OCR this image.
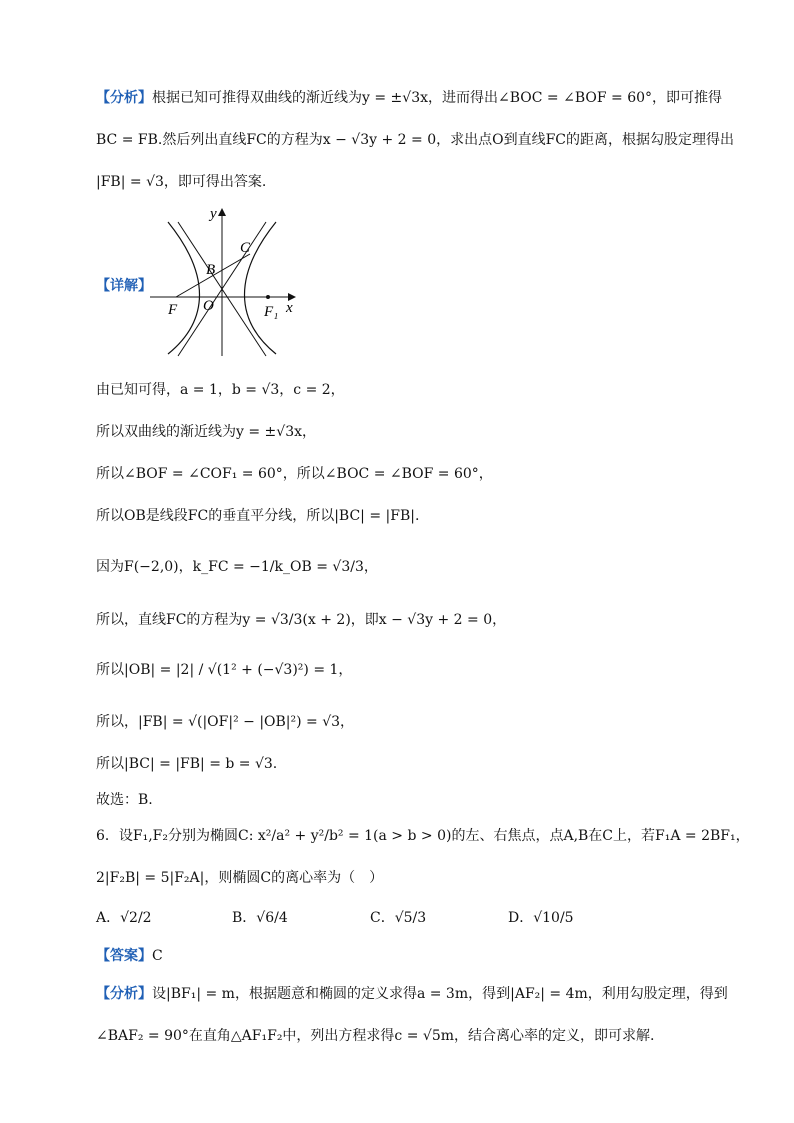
【分析】根据已知可推得双曲线的渐近线为y = ±√3x，进而得出∠BOC = ∠BOF = 60°，即可推得
BC = FB.然后列出直线FC的方程为x − √3y + 2 = 0，求出点O到直线FC的距离，根据勾股定理得出
|FB| = √3，即可得出答案.
【详解】
y
x
C
B
F O	F₁
由已知可得，a = 1，b = √3，c = 2，
所以双曲线的渐近线为y = ±√3x，
所以∠BOF = ∠COF₁ = 60°，所以∠BOC = ∠BOF = 60°，
所以OB是线段FC的垂直平分线，所以|BC| = |FB|.
因为F(−2,0)，k_FC = −1/k_OB = √3/3，
所以，直线FC的方程为y = √3/3(x + 2)，即x − √3y + 2 = 0，
所以|OB| = |2| / √(1² + (−√3)²) = 1，
所以，|FB| = √(|OF|² − |OB|²) = √3，
所以|BC| = |FB| = b = √3.
故选：B.
6．设F₁,F₂分别为椭圆C: x²/a² + y²/b² = 1(a > b > 0)的左、右焦点，点A,B在C上，若F₁A = 2BF₁，
2|F₂B| = 5|F₂A|，则椭圆C的离心率为（　）
A．√2/2	B．√6/4	C．√5/3	D．√10/5
【答案】C
【分析】设|BF₁| = m，根据题意和椭圆的定义求得a = 3m，得到|AF₂| = 4m，利用勾股定理，得到
∠BAF₂ = 90°在直角△AF₁F₂中，列出方程求得c = √5m，结合离心率的定义，即可求解.
